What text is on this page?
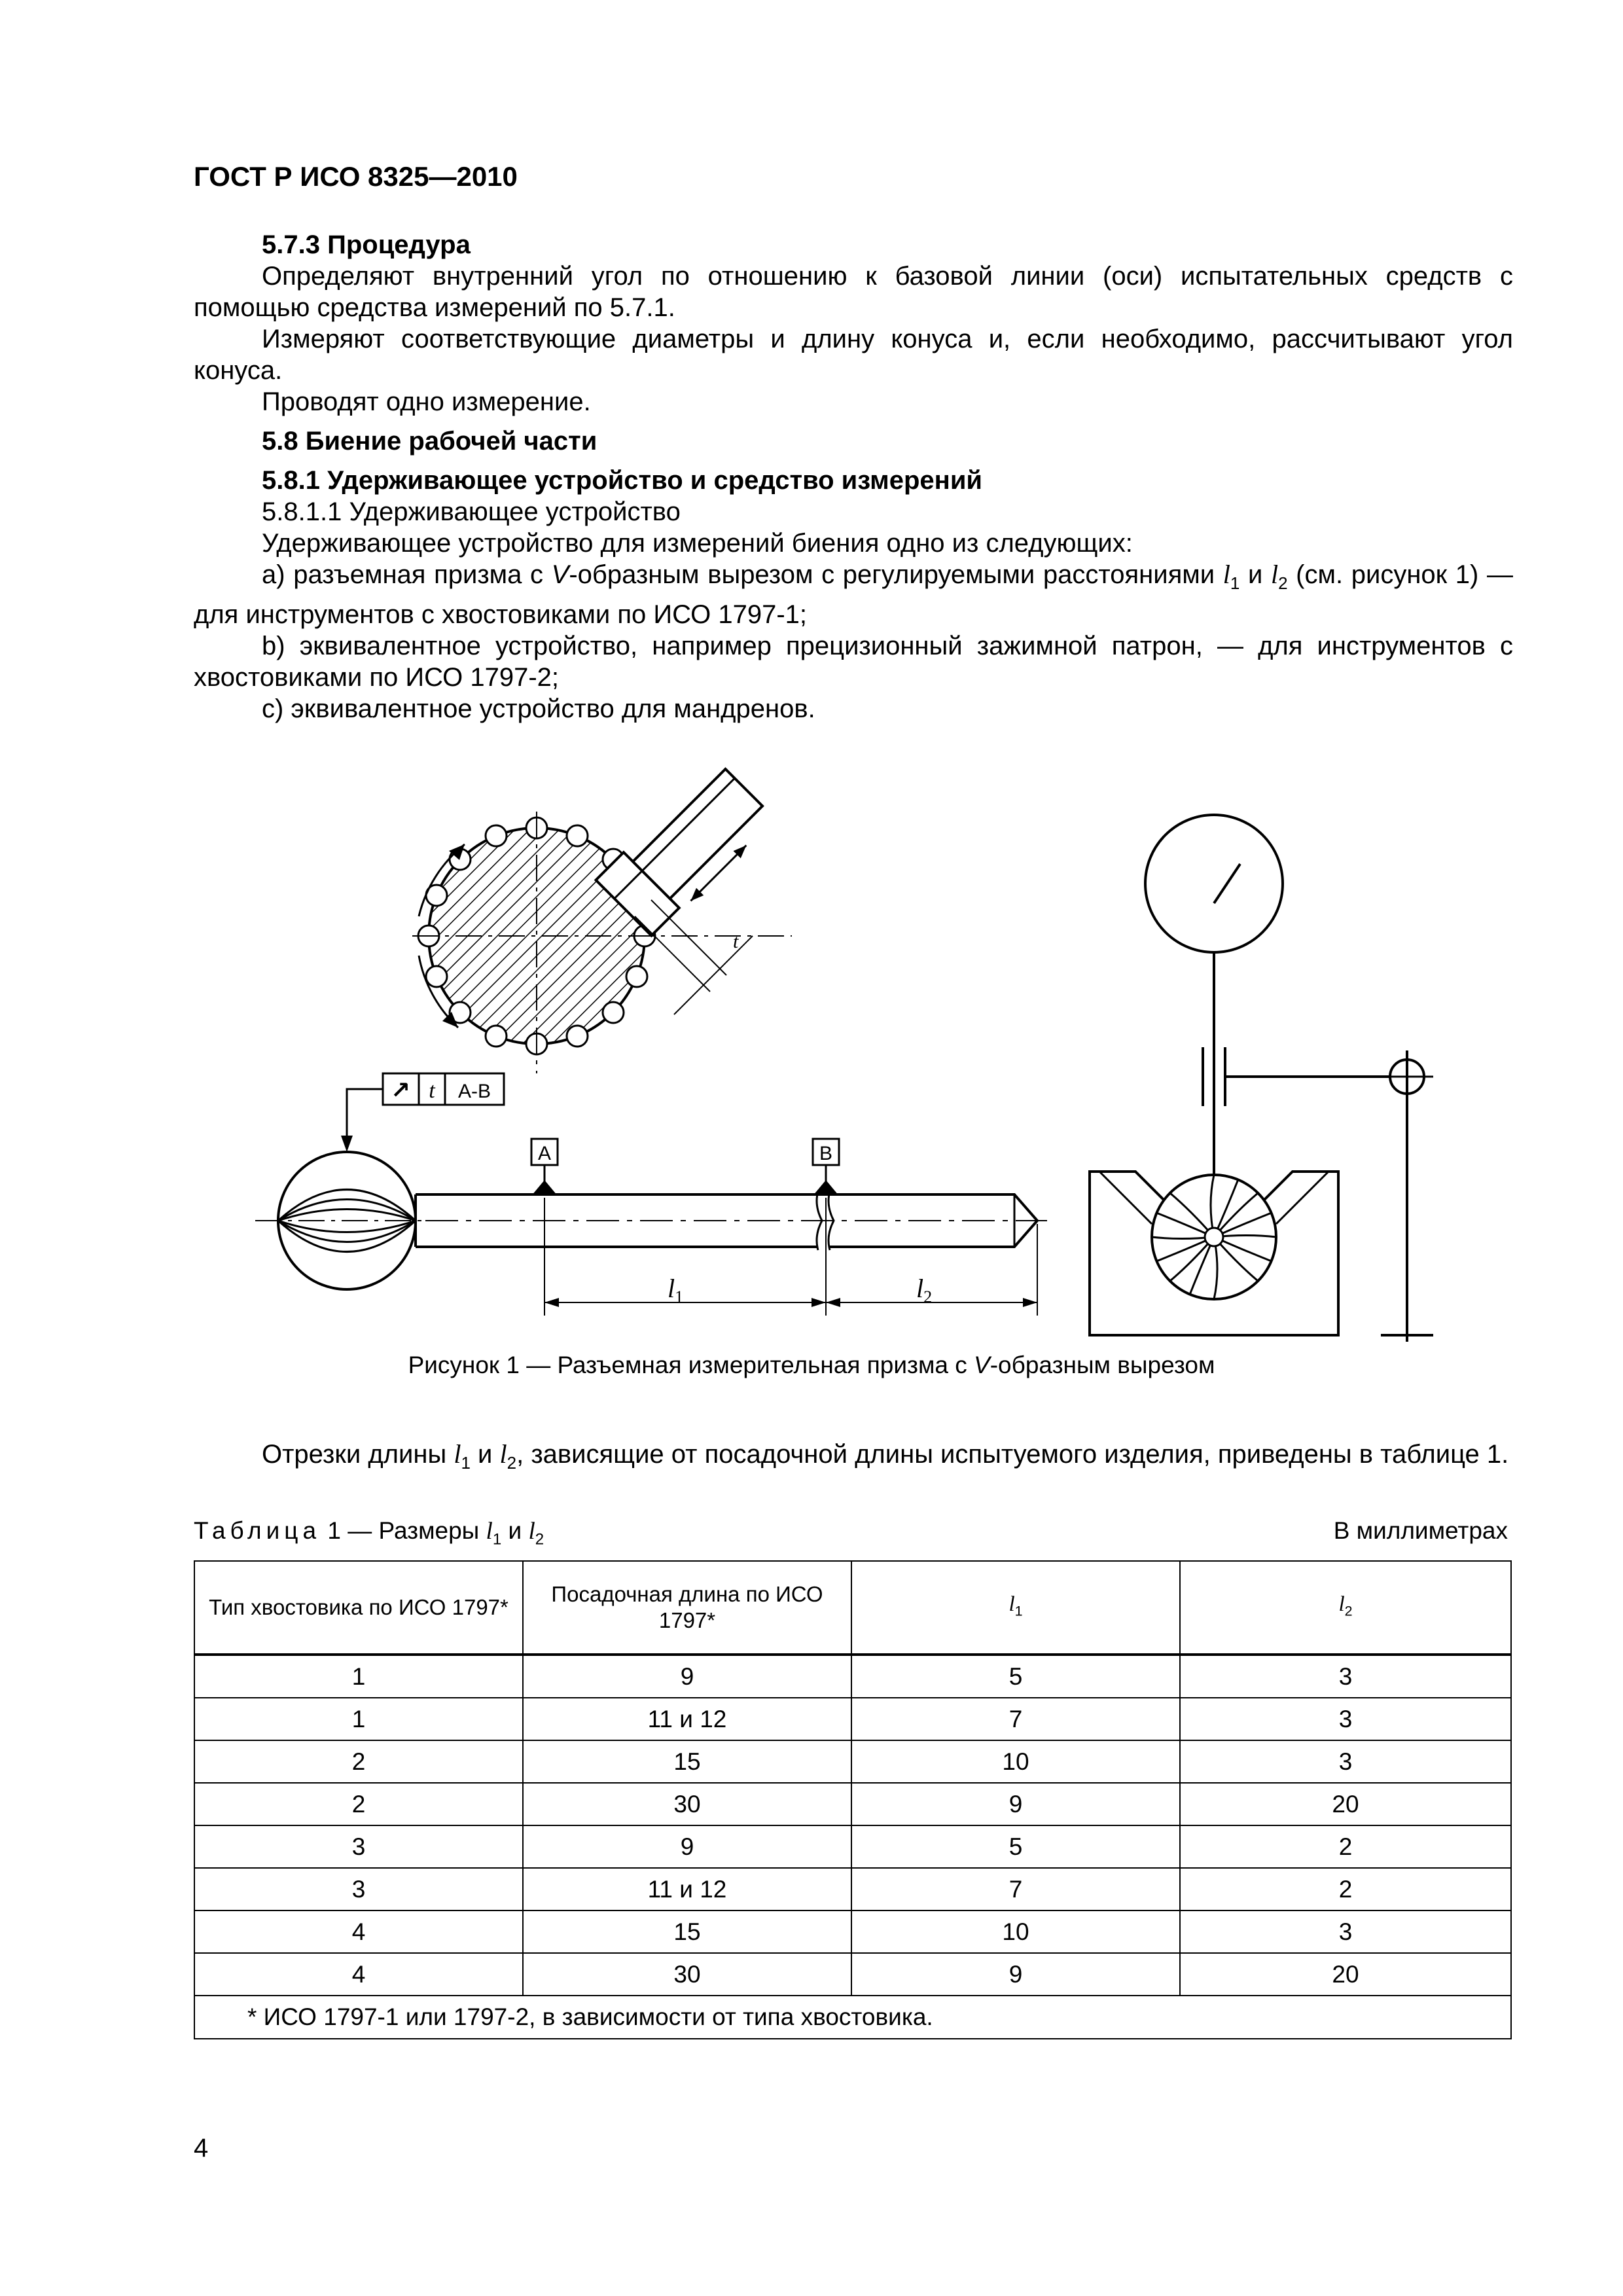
ГОСТ Р ИСО 8325—2010

5.7.3 Процедура

Определяют внутренний угол по отношению к базовой линии (оси) испытательных средств с помощью средства измерений по 5.7.1.

Измеряют соответствующие диаметры и длину конуса и, если необходимо, рассчитывают угол конуса.

Проводят одно измерение.

5.8 Биение рабочей части

5.8.1 Удерживающее устройство и средство измерений

5.8.1.1 Удерживающее устройство

Удерживающее устройство для измерений биения одно из следующих:

a) разъемная призма с V-образным вырезом с регулируемыми расстояниями $l_1$ и $l_2$ (см. рисунок 1) — для инструментов с хвостовиками по ИСО 1797-1;

b) эквивалентное устройство, например прецизионный зажимной патрон, — для инструментов с хвостовиками по ИСО 1797-2;

c) эквивалентное устройство для мандренов.

t
↗ t A-B
A	B
$l_1$	$l_2$
Рисунок 1 — Разъемная измерительная призма с V-образным вырезом
Отрезки длины $l_1$ и $l_2$, зависящие от посадочной длины испытуемого изделия, приведены в таблице 1.
Таблица 1 — Размеры $l_1$ и $l_2$	В миллиметрах
Тип хвостовика по ИСО 1797*	Посадочная длина по ИСО 1797*	$l_1$	$l_2$
1	9	5	3
1	11 и 12	7	3
2	15	10	3
2	30	9	20
3	9	5	2
3	11 и 12	7	2
4	15	10	3
4	30	9	20
* ИСО 1797-1 или 1797-2, в зависимости от типа хвостовика.			
4
